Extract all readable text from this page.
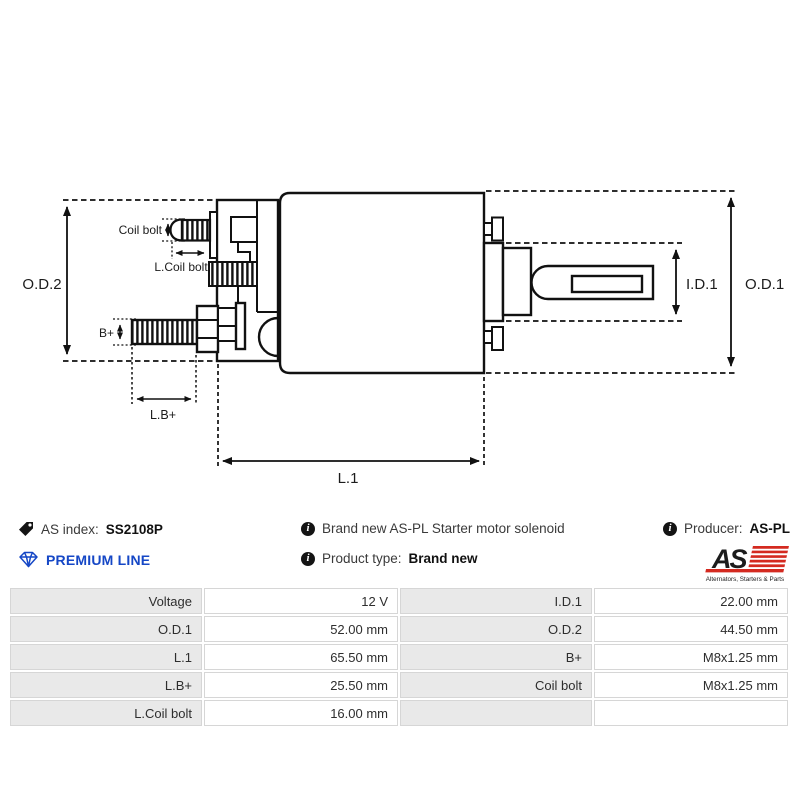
O.D.2	O.D.1
I.D.1
L.B+
L.1
Coil bolt
L.Coil bolt
B+
AS index: SS2108P	i Brand new AS-PL Starter motor solenoid	i Producer: AS-PL
PREMIUM LINE	i Product type: Brand new	AS
Alternators, Starters & Parts
Voltage	12 V	I.D.1	22.00 mm
O.D.1	52.00 mm	O.D.2	44.50 mm
L.1	65.50 mm	B+	M8x1.25 mm
L.B+	25.50 mm	Coil bolt	M8x1.25 mm
L.Coil bolt	16.00 mm
